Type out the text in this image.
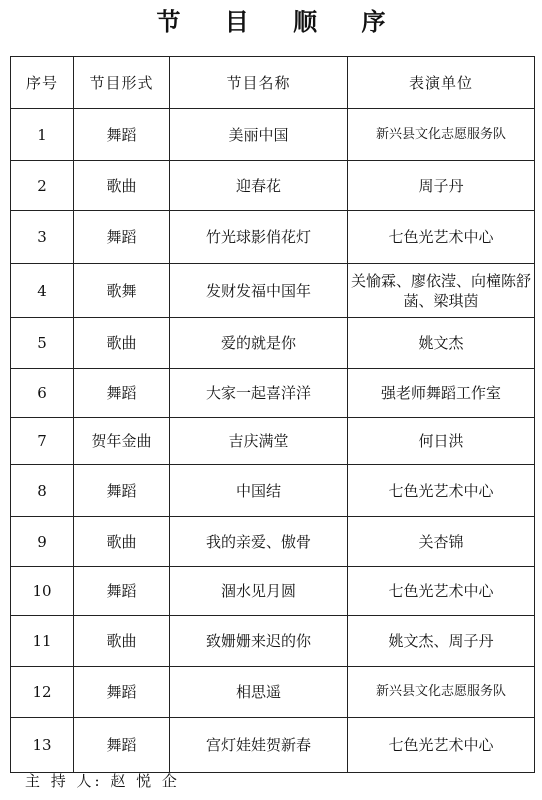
节 目 顺 序
序号	节目形式	节目名称	表演单位
1	舞蹈	美丽中国	新兴县文化志愿服务队
2	歌曲	迎春花	周子丹
3	舞蹈	竹光球影俏花灯	七色光艺术中心
4	歌舞	发财发福中国年	关愉霖、廖依滢、向橦陈舒菡、梁琪茵
5	歌曲	爱的就是你	姚文杰
6	舞蹈	大家一起喜洋洋	强老师舞蹈工作室
7	贺年金曲	吉庆满堂	何日洪
8	舞蹈	中国结	七色光艺术中心
9	歌曲	我的亲爱、傲骨	关杏锦
10	舞蹈	涸水见月圆	七色光艺术中心
11	歌曲	致姗姗来迟的你	姚文杰、周子丹
12	舞蹈	相思遥	新兴县文化志愿服务队
13	舞蹈	宫灯娃娃贺新春	七色光艺术中心
主 持 人: 赵 悦 企
